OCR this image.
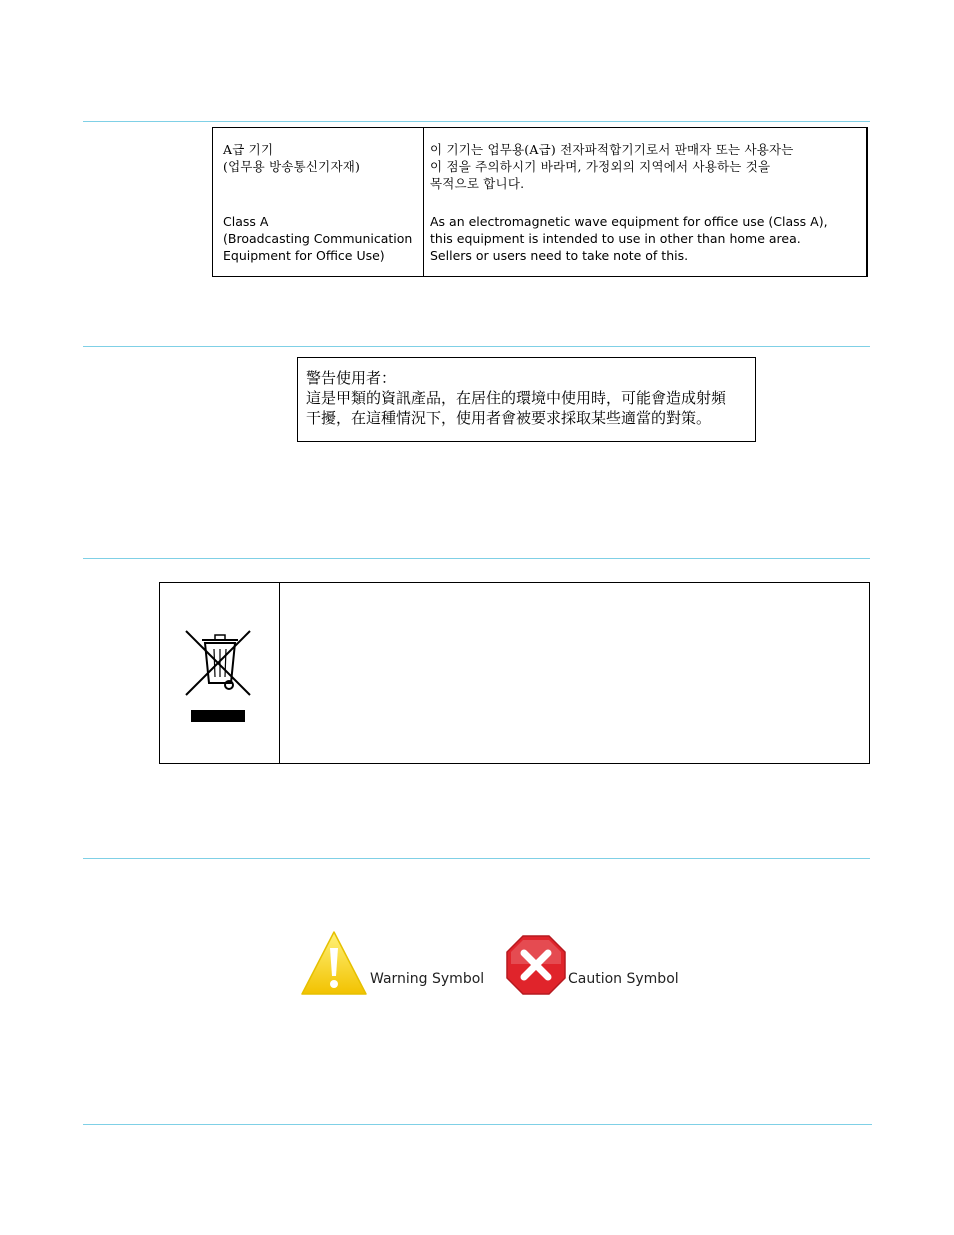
A급 기기
(업무용 방송통신기자재)
Class A
(Broadcasting Communication
Equipment for Office Use)
이 기기는 업무용(A급) 전자파적합기기로서 판매자 또는 사용자는
이 점을 주의하시기 바라며, 가정외의 지역에서 사용하는 것을
목적으로 합니다.
As an electromagnetic wave equipment for office use (Class A),
this equipment is intended to use in other than home area.
Sellers or users need to take note of this.
警告使用者：
這是甲類的資訊產品，在居住的環境中使用時，可能會造成射頻
干擾，在這種情況下，使用者會被要求採取某些適當的對策。
Warning Symbol	Caution Symbol
